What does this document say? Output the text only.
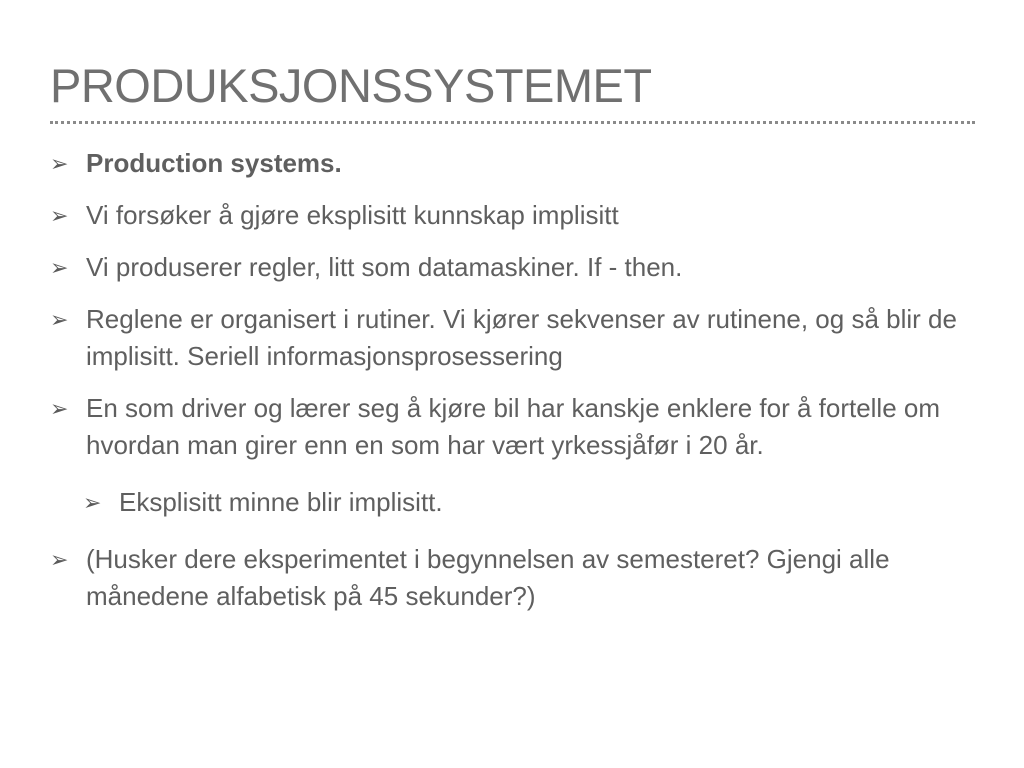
PRODUKSJONSSYSTEMET
➢ Production systems.
➢ Vi forsøker å gjøre eksplisitt kunnskap implisitt
➢ Vi produserer regler, litt som datamaskiner. If - then.
➢ Reglene er organisert i rutiner. Vi kjører sekvenser av rutinene, og så blir de implisitt. Seriell informasjonsprosessering
➢ En som driver og lærer seg å kjøre bil har kanskje enklere for å fortelle om hvordan man girer enn en som har vært yrkessjåfør i 20 år.
➢ Eksplisitt minne blir implisitt.
➢ (Husker dere eksperimentet i begynnelsen av semesteret? Gjengi alle månedene alfabetisk på 45 sekunder?)
